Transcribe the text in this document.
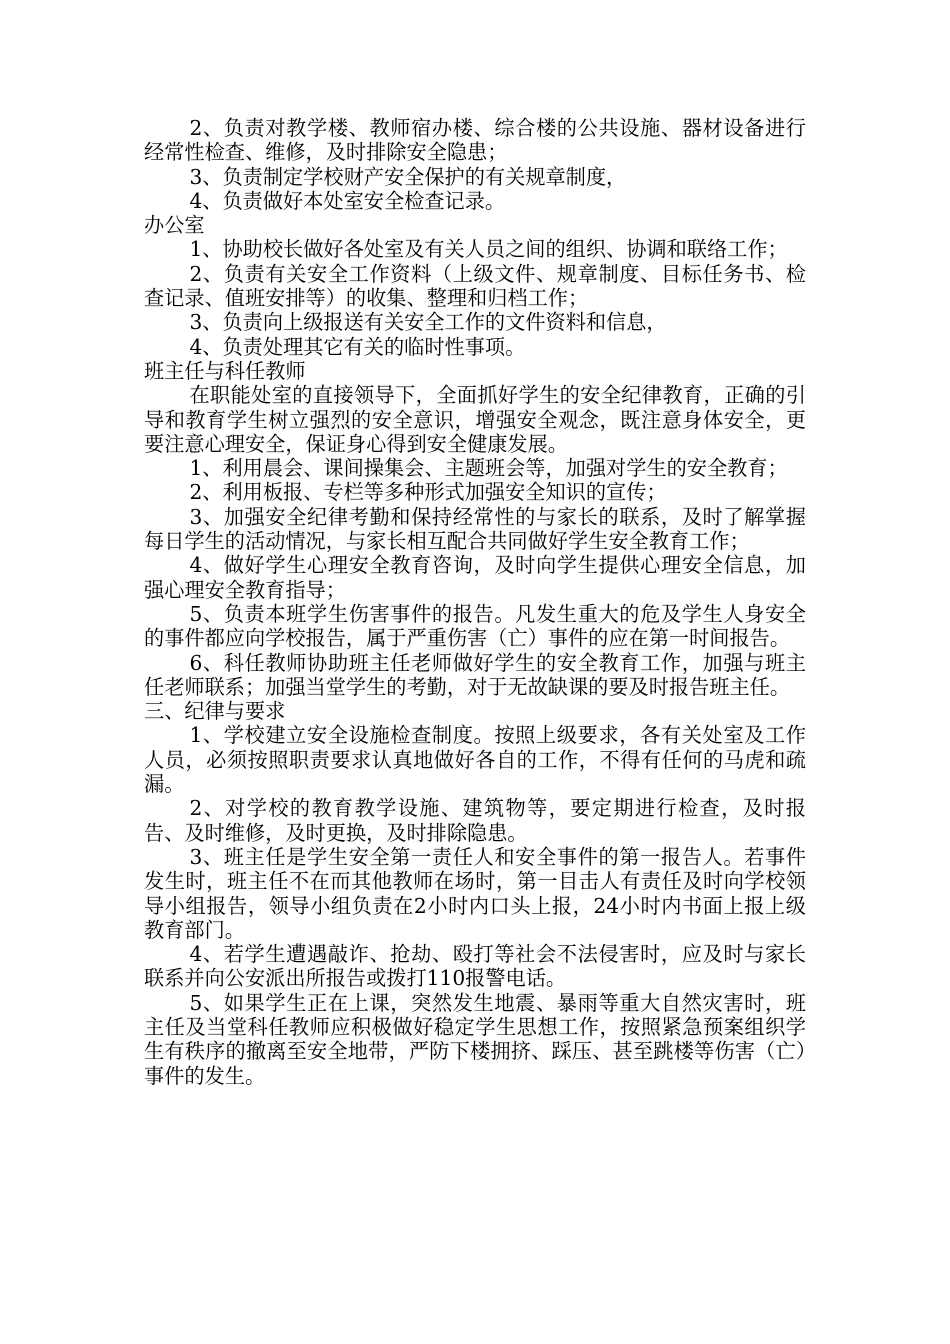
2、负责对教学楼、教师宿办楼、综合楼的公共设施、器材设备进行经常性检查、维修，及时排除安全隐患；

3、负责制定学校财产安全保护的有关规章制度，

4、负责做好本处室安全检查记录。

办公室

1、协助校长做好各处室及有关人员之间的组织、协调和联络工作；

2、负责有关安全工作资料（上级文件、规章制度、目标任务书、检查记录、值班安排等）的收集、整理和归档工作；

3、负责向上级报送有关安全工作的文件资料和信息，

4、负责处理其它有关的临时性事项。

班主任与科任教师

在职能处室的直接领导下，全面抓好学生的安全纪律教育，正确的引导和教育学生树立强烈的安全意识，增强安全观念，既注意身体安全，更要注意心理安全，保证身心得到安全健康发展。

1、利用晨会、课间操集会、主题班会等，加强对学生的安全教育；

2、利用板报、专栏等多种形式加强安全知识的宣传；

3、加强安全纪律考勤和保持经常性的与家长的联系，及时了解掌握每日学生的活动情况，与家长相互配合共同做好学生安全教育工作；

4、做好学生心理安全教育咨询，及时向学生提供心理安全信息，加强心理安全教育指导；

5、负责本班学生伤害事件的报告。凡发生重大的危及学生人身安全的事件都应向学校报告，属于严重伤害（亡）事件的应在第一时间报告。

6、科任教师协助班主任老师做好学生的安全教育工作，加强与班主任老师联系；加强当堂学生的考勤，对于无故缺课的要及时报告班主任。

三、纪律与要求

1、学校建立安全设施检查制度。按照上级要求，各有关处室及工作人员，必须按照职责要求认真地做好各自的工作，不得有任何的马虎和疏漏。

2、对学校的教育教学设施、建筑物等，要定期进行检查，及时报告、及时维修，及时更换，及时排除隐患。

3、班主任是学生安全第一责任人和安全事件的第一报告人。若事件发生时，班主任不在而其他教师在场时，第一目击人有责任及时向学校领导小组报告，领导小组负责在2小时内口头上报，24小时内书面上报上级教育部门。

4、若学生遭遇敲诈、抢劫、殴打等社会不法侵害时，应及时与家长联系并向公安派出所报告或拨打110报警电话。

5、如果学生正在上课，突然发生地震、暴雨等重大自然灾害时，班主任及当堂科任教师应积极做好稳定学生思想工作，按照紧急预案组织学生有秩序的撤离至安全地带，严防下楼拥挤、踩压、甚至跳楼等伤害（亡）事件的发生。
